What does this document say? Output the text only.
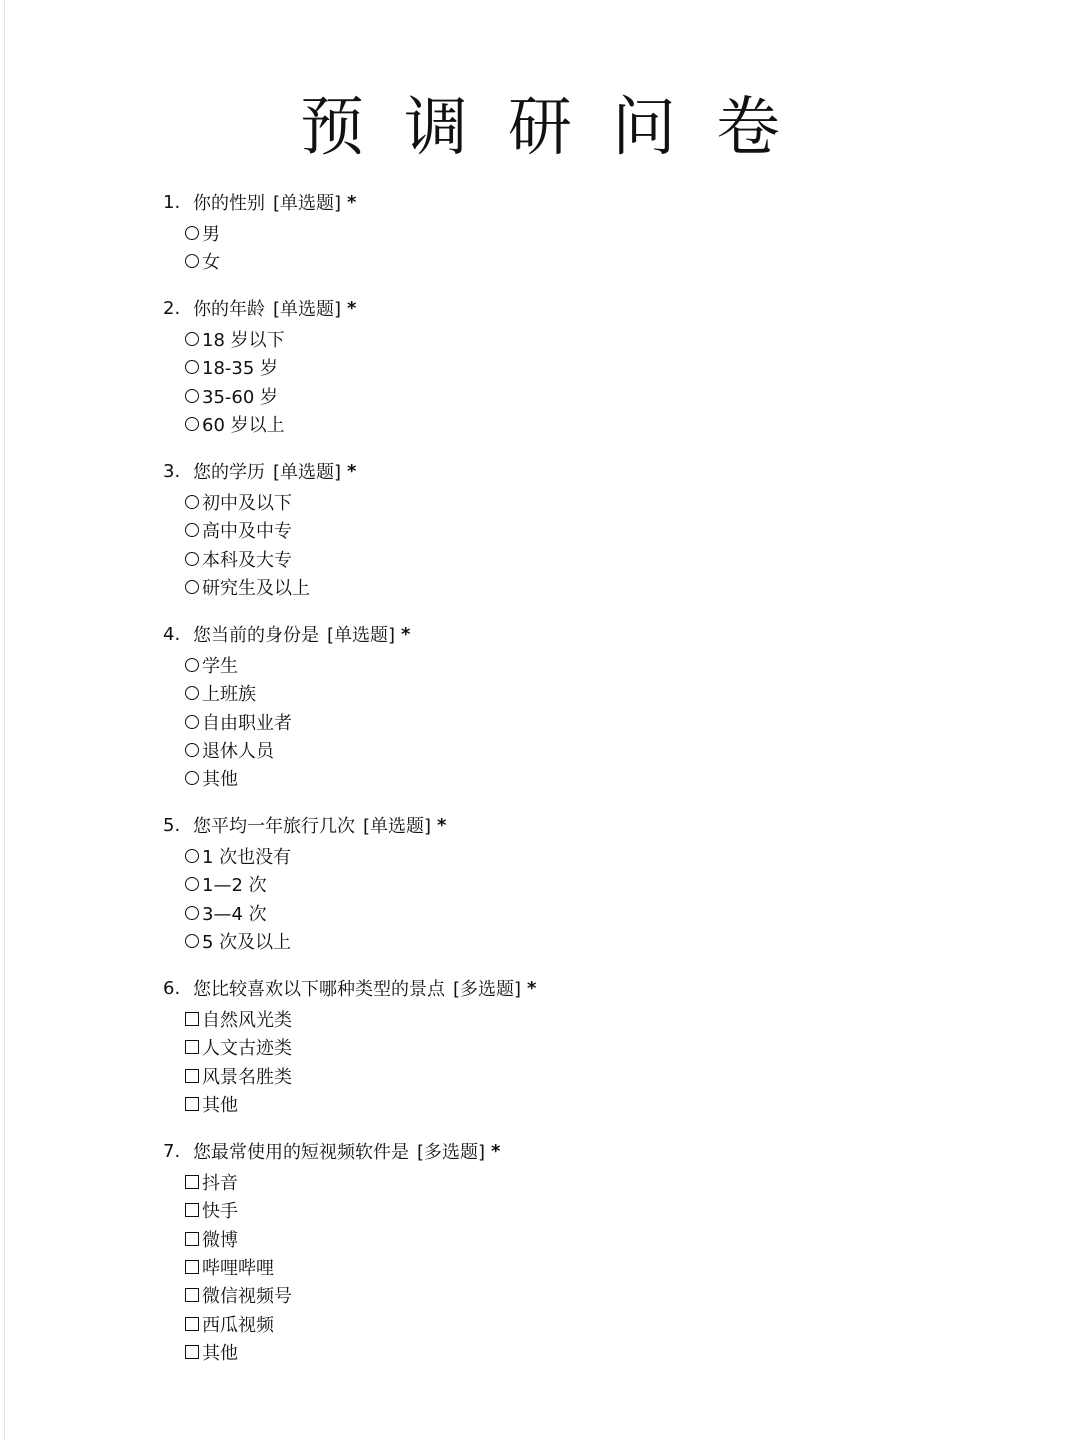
预调研问卷
1. 你的性别 [单选题] *
男
女
2. 你的年龄 [单选题] *
18 岁以下
18-35 岁
35-60 岁
60 岁以上
3. 您的学历 [单选题] *
初中及以下
高中及中专
本科及大专
研究生及以上
4. 您当前的身份是 [单选题] *
学生
上班族
自由职业者
退休人员
其他
5. 您平均一年旅行几次 [单选题] *
1 次也没有
1—2 次
3—4 次
5 次及以上
6. 您比较喜欢以下哪种类型的景点 [多选题] *
自然风光类
人文古迹类
风景名胜类
其他
7. 您最常使用的短视频软件是 [多选题] *
抖音
快手
微博
哔哩哔哩
微信视频号
西瓜视频
其他
